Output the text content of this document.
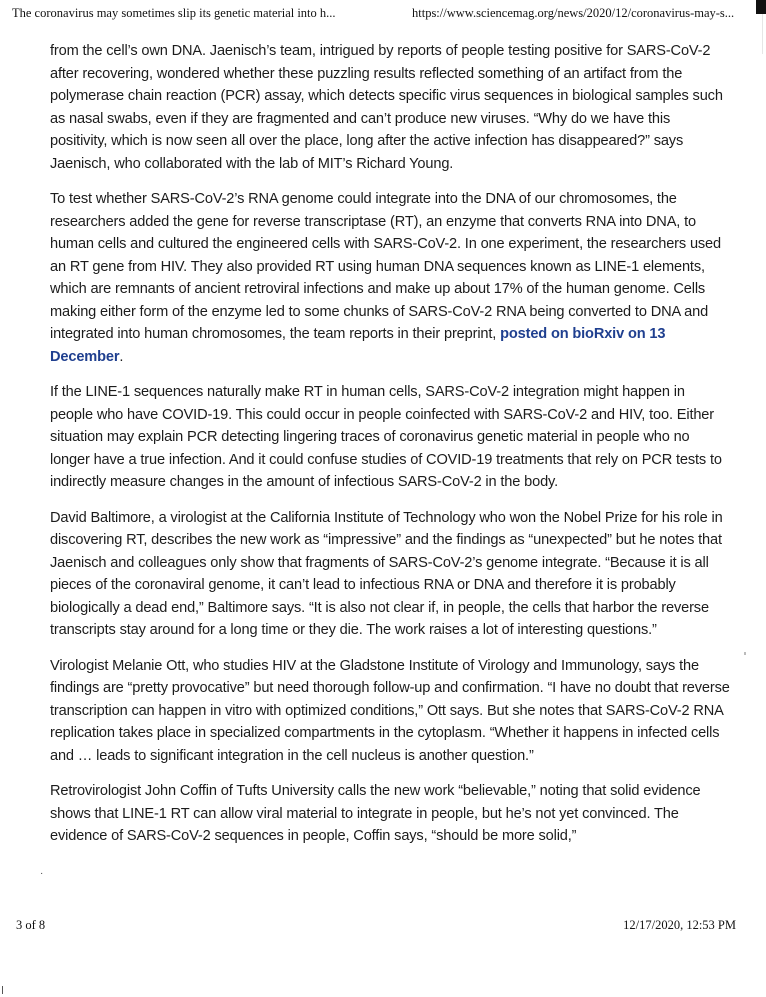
The coronavirus may sometimes slip its genetic material into h...	https://www.sciencemag.org/news/2020/12/coronavirus-may-s...

from the cell’s own DNA. Jaenisch’s team, intrigued by reports of people testing positive for SARS-CoV-2 after recovering, wondered whether these puzzling results reflected something of an artifact from the polymerase chain reaction (PCR) assay, which detects specific virus sequences in biological samples such as nasal swabs, even if they are fragmented and can’t produce new viruses. “Why do we have this positivity, which is now seen all over the place, long after the active infection has disappeared?” says Jaenisch, who collaborated with the lab of MIT’s Richard Young.

To test whether SARS-CoV-2’s RNA genome could integrate into the DNA of our chromosomes, the researchers added the gene for reverse transcriptase (RT), an enzyme that converts RNA into DNA, to human cells and cultured the engineered cells with SARS-CoV-2. In one experiment, the researchers used an RT gene from HIV. They also provided RT using human DNA sequences known as LINE-1 elements, which are remnants of ancient retroviral infections and make up about 17% of the human genome. Cells making either form of the enzyme led to some chunks of SARS-CoV-2 RNA being converted to DNA and integrated into human chromosomes, the team reports in their preprint, posted on bioRxiv on 13 December.

If the LINE-1 sequences naturally make RT in human cells, SARS-CoV-2 integration might happen in people who have COVID-19. This could occur in people coinfected with SARS-CoV-2 and HIV, too. Either situation may explain PCR detecting lingering traces of coronavirus genetic material in people who no longer have a true infection. And it could confuse studies of COVID-19 treatments that rely on PCR tests to indirectly measure changes in the amount of infectious SARS-CoV-2 in the body.

David Baltimore, a virologist at the California Institute of Technology who won the Nobel Prize for his role in discovering RT, describes the new work as “impressive” and the findings as “unexpected” but he notes that Jaenisch and colleagues only show that fragments of SARS-CoV-2’s genome integrate. “Because it is all pieces of the coronaviral genome, it can’t lead to infectious RNA or DNA and therefore it is probably biologically a dead end,” Baltimore says. “It is also not clear if, in people, the cells that harbor the reverse transcripts stay around for a long time or they die. The work raises a lot of interesting questions.”

Virologist Melanie Ott, who studies HIV at the Gladstone Institute of Virology and Immunology, says the findings are “pretty provocative” but need thorough follow-up and confirmation. “I have no doubt that reverse transcription can happen in vitro with optimized conditions,” Ott says. But she notes that SARS-CoV-2 RNA replication takes place in specialized compartments in the cytoplasm. “Whether it happens in infected cells and … leads to significant integration in the cell nucleus is another question.”

Retrovirologist John Coffin of Tufts University calls the new work “believable,” noting that solid evidence shows that LINE-1 RT can allow viral material to integrate in people, but he’s not yet convinced. The evidence of SARS-CoV-2 sequences in people, Coffin says, “should be more solid,”

·
3 of 8	12/17/2020, 12:53 PM
